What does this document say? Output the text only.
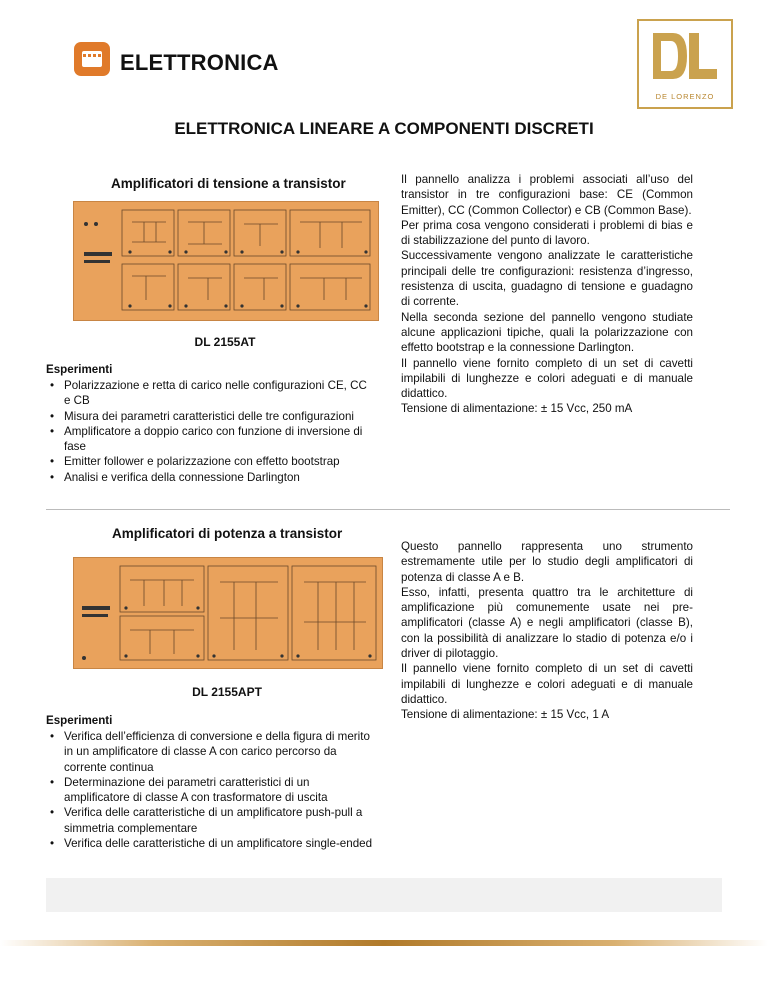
ELETTRONICA
DE LORENZO
ELETTRONICA LINEARE A COMPONENTI DISCRETI
Amplificatori di tensione a transistor
DL 2155AT
Esperimenti
• Polarizzazione e retta di carico nelle configurazioni CE, CC e CB
• Misura dei parametri caratteristici delle tre configurazioni
• Amplificatore a doppio carico con funzione di inversione di fase
• Emitter follower e polarizzazione con effetto bootstrap
• Analisi e verifica della connessione Darlington

Il pannello analizza i problemi associati all’uso del transistor in tre configurazioni base: CE (Common Emitter), CC (Common Collector) e CB (Common Base).

Per prima cosa vengono considerati i problemi di bias e di stabilizzazione del punto di lavoro.

Successivamente vengono analizzate le caratteristiche principali delle tre configurazioni: resistenza d’ingresso, resistenza di uscita, guadagno di tensione e guadagno di corrente.

Nella seconda sezione del pannello vengono studiate alcune applicazioni tipiche, quali la polarizzazione con effetto bootstrap e la connessione Darlington.

Il pannello viene fornito completo di un set di cavetti impilabili di lunghezze e colori adeguati e di manuale didattico.

Tensione di alimentazione: ± 15 Vcc, 250 mA

Amplificatori di potenza a transistor
DL 2155APT
Esperimenti
• Verifica dell’efficienza di conversione e della figura di merito in un amplificatore di classe A con carico percorso da corrente continua
• Determinazione dei parametri caratteristici di un amplificatore di classe A con trasformatore di uscita
• Verifica delle caratteristiche di un amplificatore push-pull a simmetria complementare
• Verifica delle caratteristiche di un amplificatore single-ended

Questo pannello rappresenta uno strumento estremamente utile per lo studio degli amplificatori di potenza di classe A e B.

Esso, infatti, presenta quattro tra le architetture di amplificazione più comunemente usate nei pre-amplificatori (classe A) e negli amplificatori (classe B), con la possibilità di analizzare lo stadio di potenza e/o i driver di pilotaggio.

Il pannello viene fornito completo di un set di cavetti impilabili di lunghezze e colori adeguati e di manuale didattico.

Tensione di alimentazione: ± 15 Vcc, 1 A
